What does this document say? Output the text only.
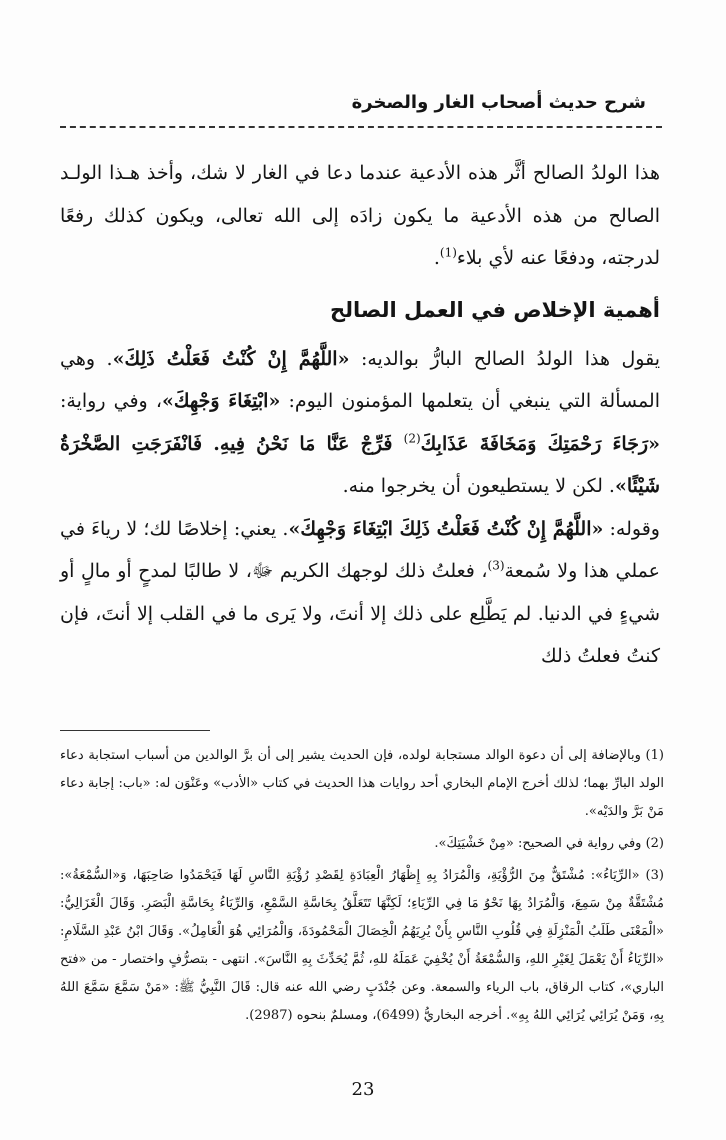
شرح حديث أصحاب الغار والصخرة

هذا الولدُ الصالح أثَّر هذه الأدعية عندما دعا في الغار لا شك، وأخذ هـذا الولـد الصالح من هذه الأدعية ما يكون زادَه إلى الله تعالى، ويكون كذلك رفعًا لدرجته، ودفعًا عنه لأي بلاء$^{(1)}$.

أهمية الإخلاص في العمل الصالح

يقول هذا الولدُ الصالح البارُّ بوالديه: «اللَّهُمَّ إِنْ كُنْتُ فَعَلْتُ ذَلِكَ». وهي المسألة التي ينبغي أن يتعلمها المؤمنون اليوم: «ابْتِغَاءَ وَجْهِكَ»، وفي رواية: «رَجَاءَ رَحْمَتِكَ وَمَخَافَةَ عَذَابِكَ$^{(2)}$ فَرِّجْ عَنَّا مَا نَحْنُ فِيهِ. فَانْفَرَجَتِ الصَّخْرَةُ شَيْئًا». لكن لا يستطيعون أن يخرجوا منه.

وقوله: «اللَّهُمَّ إِنْ كُنْتُ فَعَلْتُ ذَلِكَ ابْتِغَاءَ وَجْهِكَ». يعني: إخلاصًا لك؛ لا رياءَ في عملي هذا ولا سُمعة$^{(3)}$، فعلتُ ذلك لوجهك الكريم ﷻ، لا طالبًا لمدحٍ أو مالٍ أو شيءٍ في الدنيا. لم يَطَّلِع على ذلك إلا أنتَ، ولا يَرى ما في القلب إلا أنتَ، فإن كنتُ فعلتُ ذلك

(1) وبالإضافة إلى أن دعوة الوالد مستجابة لولده، فإن الحديث يشير إلى أن برَّ الوالدين من أسباب استجابة دعاء الولد البارِّ بهما؛ لذلك أخرج الإمام البخاري أحد روايات هذا الحديث في كتاب «الأدب» وعَنْوَن له: «باب: إجابة دعاء مَنْ بَرَّ والدَيْه».

(2) وفي رواية في الصحيح: «مِنْ خَشْيَتِكَ».

(3) «الرِّيَاءُ»: مُشْتَقٌّ مِنَ الرُّؤْيَةِ، وَالْمُرَادُ بِهِ إِظْهَارُ الْعِبَادَةِ لِقَصْدِ رُؤْيَةِ النَّاسِ لَهَا فَيَحْمَدُوا صَاحِبَهَا، وَ«السُّمْعَةُ»: مُشْتَقَّةٌ مِنْ سَمِعَ، وَالْمُرَادُ بِهَا نَحْوُ مَا فِي الرِّيَاءِ؛ لَكِنَّهَا تَتَعَلَّقُ بِحَاسَّةِ السَّمْعِ، وَالرِّيَاءُ بِحَاسَّةِ الْبَصَرِ. وَقَالَ الْغَزَالِيُّ: «الْمَعْنَى طَلَبُ الْمَنْزِلَةِ فِي قُلُوبِ النَّاسِ بِأَنْ يُرِيَهُمُ الْخِصَالَ الْمَحْمُودَةَ، وَالْمُرَائِي هُوَ الْعَامِلُ». وَقَالَ ابْنُ عَبْدِ السَّلَامِ: «الرِّيَاءُ أَنْ يَعْمَلَ لِغَيْرِ اللهِ، وَالسُّمْعَةُ أَنْ يُخْفِيَ عَمَلَهُ للهِ، ثُمَّ يُحَدِّثَ بِهِ النَّاسَ». انتهى - بتصرُّفٍ واختصار - من «فتح الباري»، كتاب الرقاق، باب الرياء والسمعة. وعن جُنْدَبٍ رضي الله عنه قال: قَالَ النَّبِيُّ ﷺ: «مَنْ سَمَّعَ سَمَّعَ اللهُ بِهِ، وَمَنْ يُرَائِي يُرَائِي اللهُ بِهِ». أخرجه البخاريُّ (6499)، ومسلمٌ بنحوه (2987).

23
